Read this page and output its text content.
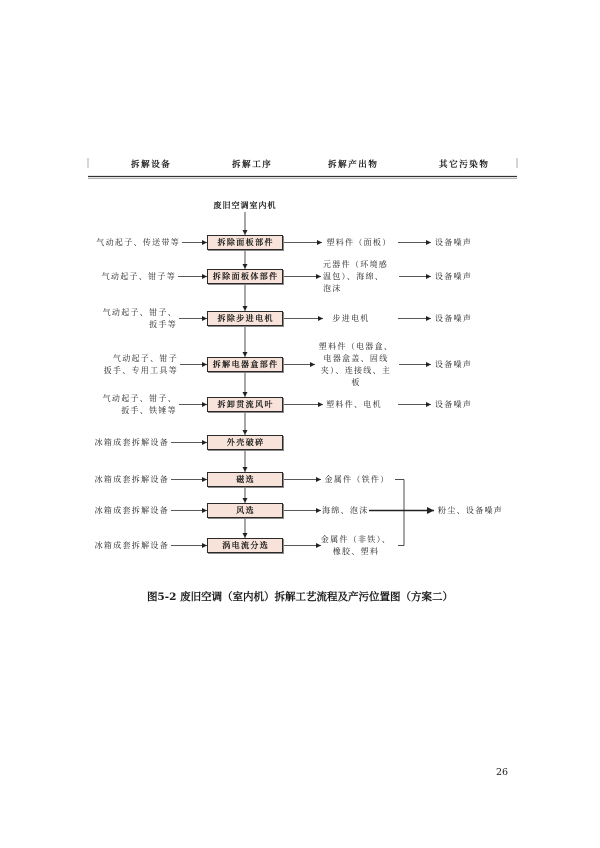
拆解设备	拆解工序	拆解产出物	其它污染物
废旧空调室内机
拆除面板部件
拆除面板体部件
拆除步进电机
拆解电器盒部件
拆卸贯流风叶
外壳破碎
磁选
风选
涡电流分选
气动起子、传送带等
气动起子、钳子等
气动起子、钳子、
扳手等
气动起子、钳子
扳手、专用工具等
气动起子、钳子、
扳手、铁锤等
冰箱成套拆解设备
冰箱成套拆解设备
冰箱成套拆解设备
冰箱成套拆解设备
塑料件（面板）
元器件（环境感
温包）、海绵、
泡沫
步进电机
塑料件（电器盒、
电器盒盖、固线
夹）、连接线、主
板
塑料件、电机
金属件（铁件）
海绵、泡沫
金属件（非铁）、
橡胶、塑料
设备噪声
设备噪声
设备噪声
设备噪声
设备噪声
粉尘、设备噪声
图5-2 废旧空调（室内机）拆解工艺流程及产污位置图（方案二）
26
